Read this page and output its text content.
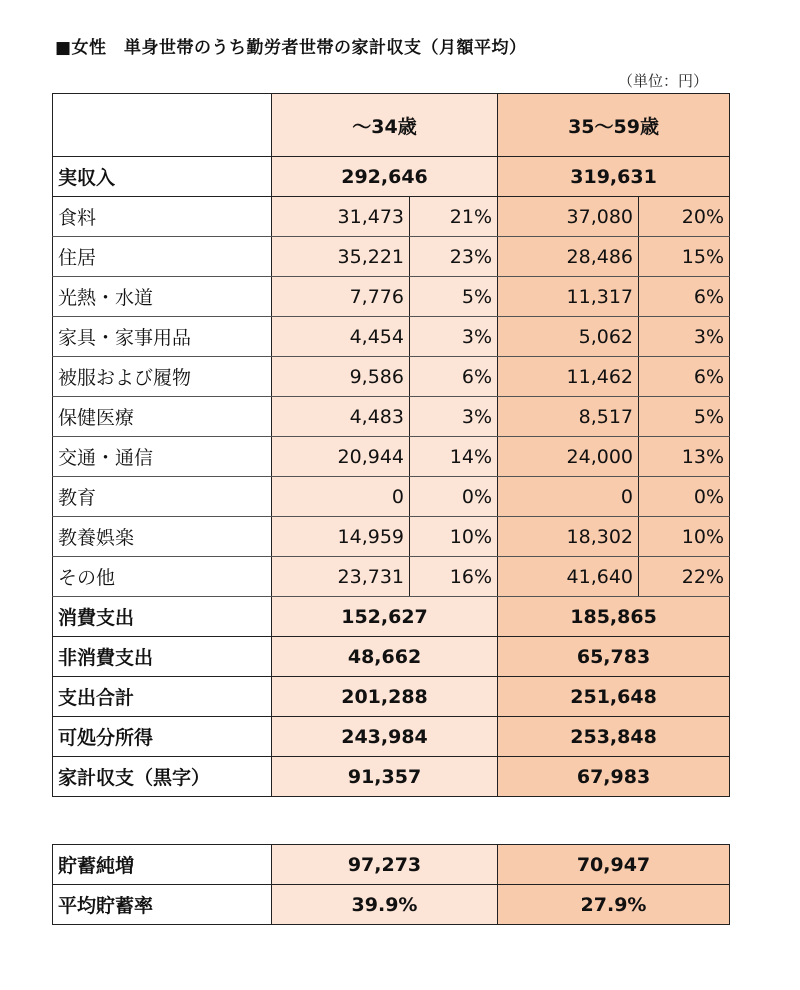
■女性　単身世帯のうち勤労者世帯の家計収支（月額平均）
（単位：円）
	～34歳		35～59歳	
実収入	292,646		319,631	
食料	31,473	21%	37,080	20%
住居	35,221	23%	28,486	15%
光熱・水道	7,776	5%	11,317	6%
家具・家事用品	4,454	3%	5,062	3%
被服および履物	9,586	6%	11,462	6%
保健医療	4,483	3%	8,517	5%
交通・通信	20,944	14%	24,000	13%
教育	0	0%	0	0%
教養娯楽	14,959	10%	18,302	10%
その他	23,731	16%	41,640	22%
消費支出	152,627		185,865	
非消費支出	48,662		65,783	
支出合計	201,288		251,648	
可処分所得	243,984		253,848	
家計収支（黒字）	91,357		67,983	
貯蓄純増	97,273	70,947
平均貯蓄率	39.9%	27.9%
